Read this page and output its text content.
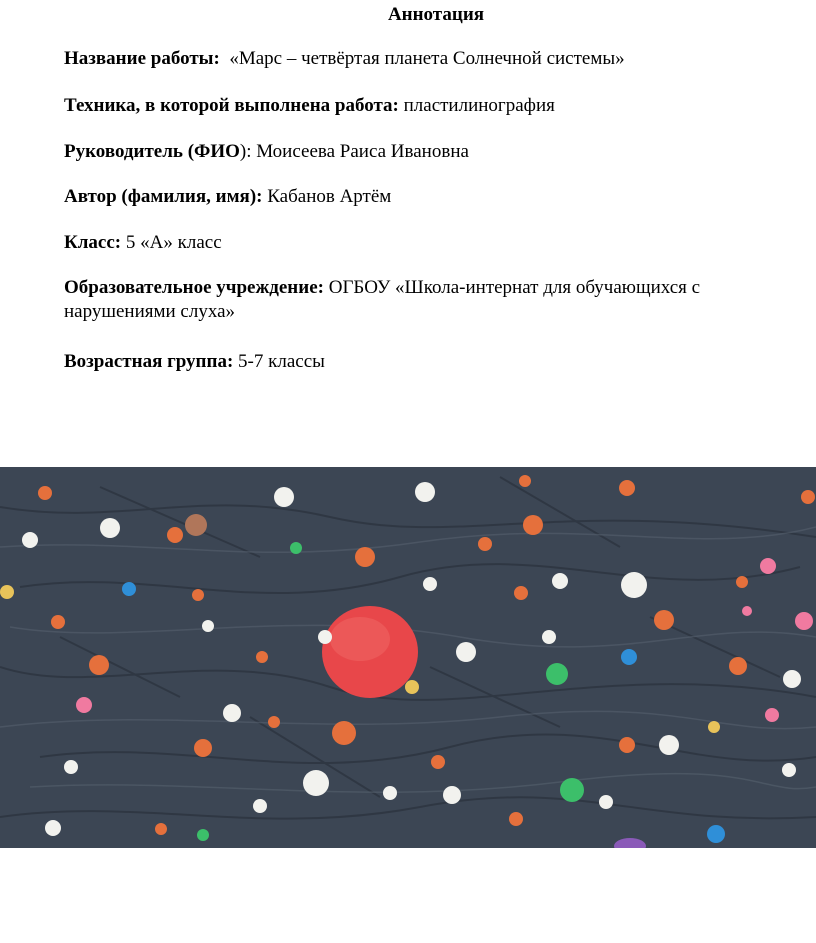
Аннотация
Название работы: «Марс – четвёртая планета Солнечной системы»
Техника, в которой выполнена работа: пластилинография
Руководитель (ФИО): Моисеева Раиса Ивановна
Автор (фамилия, имя): Кабанов Артём
Класс: 5 «А» класс
Образовательное учреждение: ОГБОУ «Школа-интернат для обучающихся с нарушениями слуха»
Возрастная группа: 5-7 классы
